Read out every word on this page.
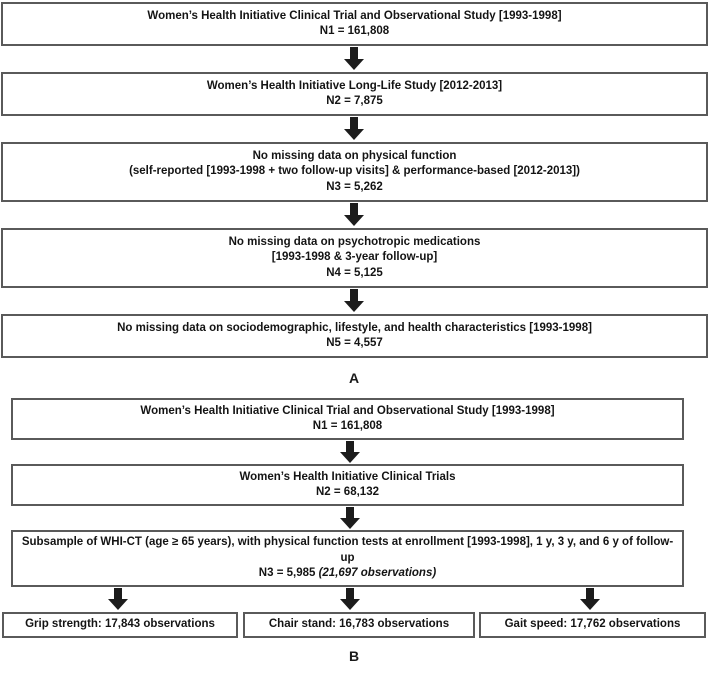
Women’s Health Initiative Clinical Trial and Observational Study [1993-1998]
N1 = 161,808
Women’s Health Initiative Long-Life Study [2012-2013]
N2 = 7,875
No missing data on physical function
(self-reported [1993-1998 + two follow-up visits] & performance-based [2012-2013])
N3 = 5,262
No missing data on psychotropic medications
[1993-1998 & 3-year follow-up]
N4 = 5,125
No missing data on sociodemographic, lifestyle, and health characteristics [1993-1998]
N5 = 4,557
A
Women’s Health Initiative Clinical Trial and Observational Study [1993-1998]
N1 = 161,808
Women’s Health Initiative Clinical Trials
N2 = 68,132
Subsample of WHI-CT (age ≥ 65 years), with physical function tests at enrollment [1993-1998], 1 y, 3 y, and 6 y of follow-up
N3 = 5,985 (21,697 observations)
Grip strength: 17,843 observations	Chair stand: 16,783 observations	Gait speed: 17,762 observations
B
